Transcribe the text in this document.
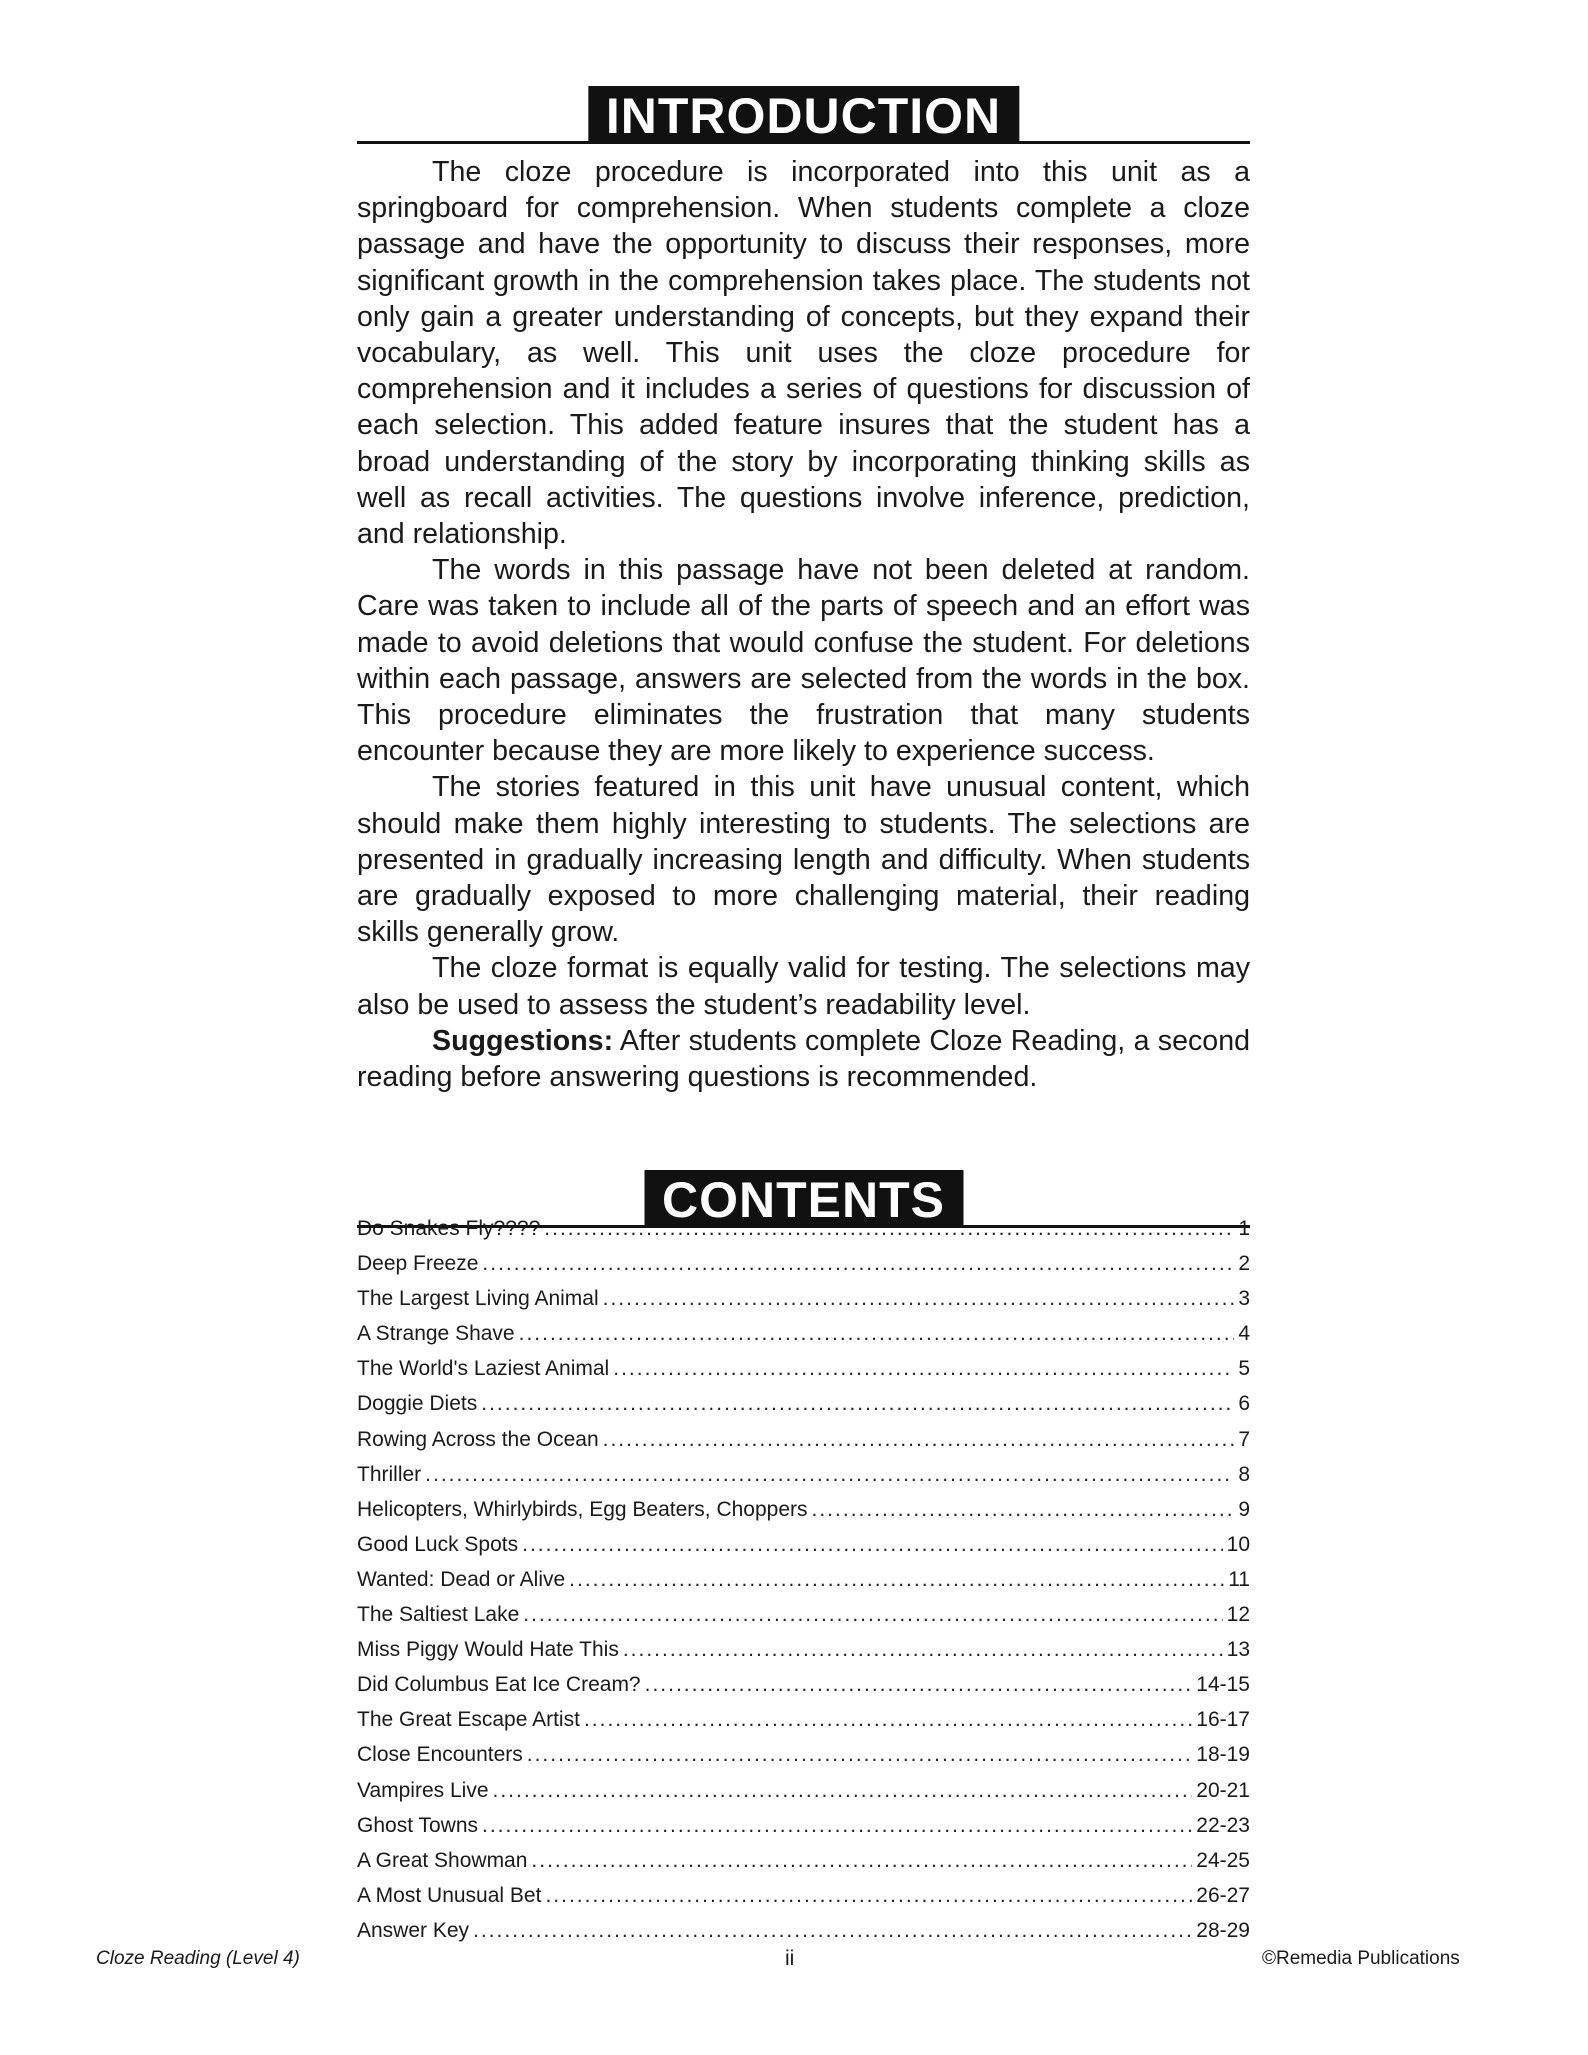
INTRODUCTION

The cloze procedure is incorporated into this unit as a springboard for comprehension. When students complete a cloze passage and have the opportunity to discuss their responses, more significant growth in the comprehension takes place. The students not only gain a greater understanding of concepts, but they expand their vocabulary, as well. This unit uses the cloze procedure for comprehension and it includes a series of questions for discussion of each selection. This added feature insures that the student has a broad understanding of the story by incorporating thinking skills as well as recall activities. The questions involve inference, prediction, and relationship.

The words in this passage have not been deleted at random. Care was taken to include all of the parts of speech and an effort was made to avoid deletions that would confuse the student. For deletions within each passage, answers are selected from the words in the box. This procedure eliminates the frustration that many students encounter because they are more likely to experience success.

The stories featured in this unit have unusual content, which should make them highly interesting to students. The selections are presented in gradually increasing length and difficulty. When students are gradually exposed to more challenging material, their reading skills generally grow.

The cloze format is equally valid for testing. The selections may also be used to assess the student’s readability level.

Suggestions: After students complete Cloze Reading, a second reading before answering questions is recommended.

CONTENTS
Do Snakes Fly???? .....	1
Deep Freeze .....	2
The Largest Living Animal .....	3
A Strange Shave .....	4
The World's Laziest Animal .....	5
Doggie Diets .....	6
Rowing Across the Ocean .....	7
Thriller .....	8
Helicopters, Whirlybirds, Egg Beaters, Choppers .....	9
Good Luck Spots .....	10
Wanted: Dead or Alive .....	11
The Saltiest Lake .....	12
Miss Piggy Would Hate This .....	13
Did Columbus Eat Ice Cream? .....	14-15
The Great Escape Artist .....	16-17
Close Encounters .....	18-19
Vampires Live .....	20-21
Ghost Towns .....	22-23
A Great Showman .....	24-25
A Most Unusual Bet .....	26-27
Answer Key .....	28-29
Cloze Reading (Level 4)	ii	©Remedia Publications
